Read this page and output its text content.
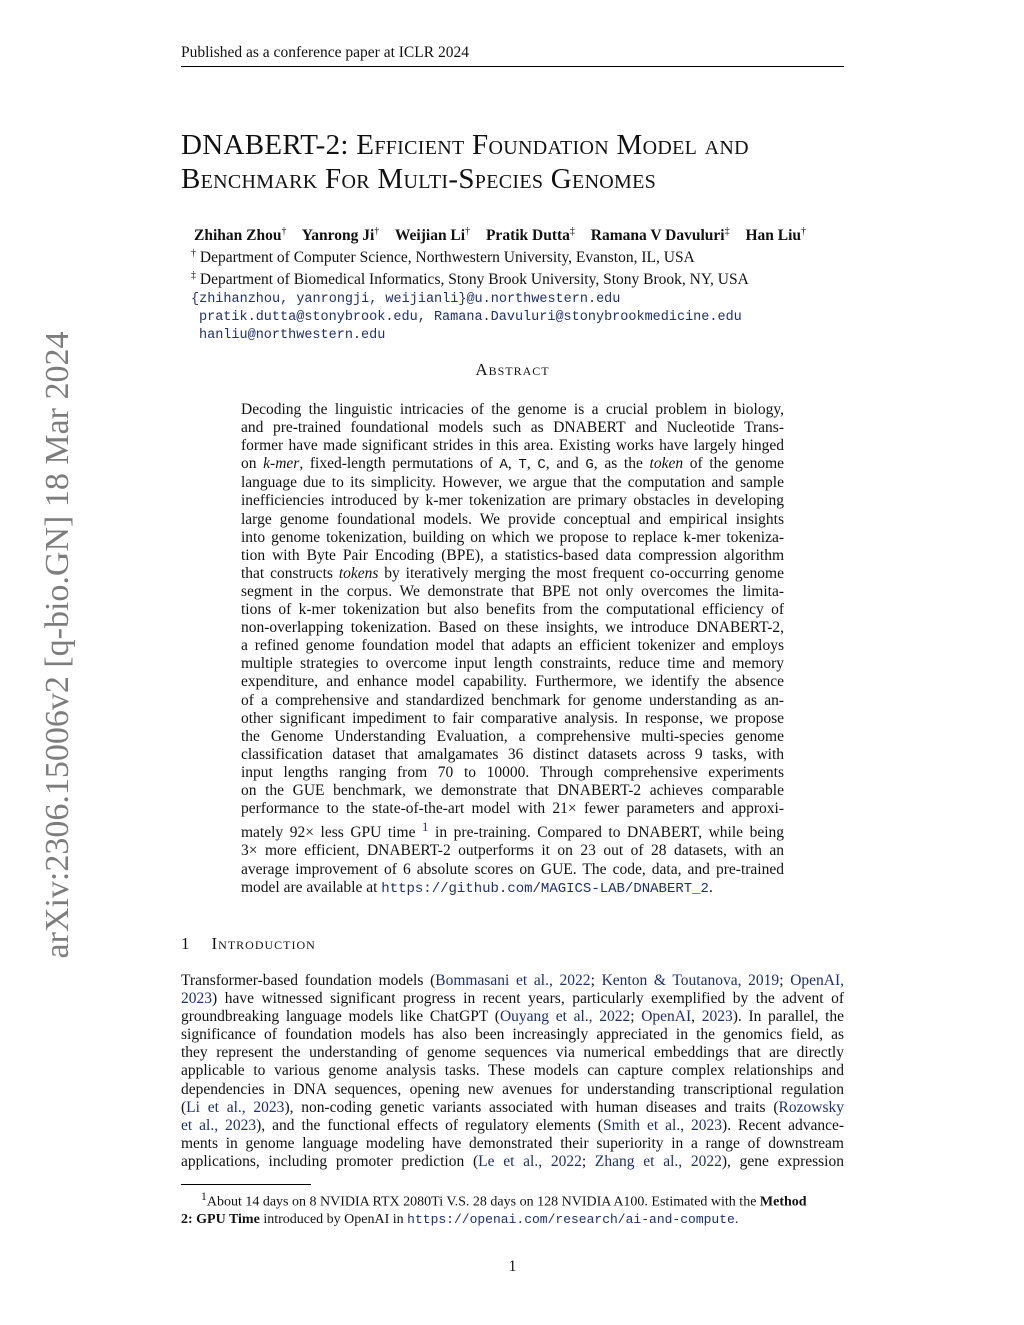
Published as a conference paper at ICLR 2024
arXiv:2306.15006v2 [q-bio.GN] 18 Mar 2024
DNABERT-2: Efficient Foundation Model and
Benchmark For Multi-Species Genomes
Zhihan Zhou† Yanrong Ji† Weijian Li† Pratik Dutta‡ Ramana V Davuluri‡ Han Liu†
† Department of Computer Science, Northwestern University, Evanston, IL, USA
‡ Department of Biomedical Informatics, Stony Brook University, Stony Brook, NY, USA
{zhihanzhou, yanrongji, weijianli}@u.northwestern.edu
pratik.dutta@stonybrook.edu, Ramana.Davuluri@stonybrookmedicine.edu
hanliu@northwestern.edu
Abstract
Decoding the linguistic intricacies of the genome is a crucial problem in biology,
and pre-trained foundational models such as DNABERT and Nucleotide Trans-
former have made significant strides in this area. Existing works have largely hinged
on k-mer, fixed-length permutations of A, T, C, and G, as the token of the genome
language due to its simplicity. However, we argue that the computation and sample
inefficiencies introduced by k-mer tokenization are primary obstacles in developing
large genome foundational models. We provide conceptual and empirical insights
into genome tokenization, building on which we propose to replace k-mer tokeniza-
tion with Byte Pair Encoding (BPE), a statistics-based data compression algorithm
that constructs tokens by iteratively merging the most frequent co-occurring genome
segment in the corpus. We demonstrate that BPE not only overcomes the limita-
tions of k-mer tokenization but also benefits from the computational efficiency of
non-overlapping tokenization. Based on these insights, we introduce DNABERT-2,
a refined genome foundation model that adapts an efficient tokenizer and employs
multiple strategies to overcome input length constraints, reduce time and memory
expenditure, and enhance model capability. Furthermore, we identify the absence
of a comprehensive and standardized benchmark for genome understanding as an-
other significant impediment to fair comparative analysis. In response, we propose
the Genome Understanding Evaluation, a comprehensive multi-species genome
classification dataset that amalgamates 36 distinct datasets across 9 tasks, with
input lengths ranging from 70 to 10000. Through comprehensive experiments
on the GUE benchmark, we demonstrate that DNABERT-2 achieves comparable
performance to the state-of-the-art model with 21× fewer parameters and approxi-
mately 92× less GPU time $^1$ in pre-training. Compared to DNABERT, while being
3× more efficient, DNABERT-2 outperforms it on 23 out of 28 datasets, with an
average improvement of 6 absolute scores on GUE. The code, data, and pre-trained
model are available at https://github.com/MAGICS-LAB/DNABERT_2.
1 Introduction
Transformer-based foundation models (Bommasani et al., 2022; Kenton & Toutanova, 2019; OpenAI,
2023) have witnessed significant progress in recent years, particularly exemplified by the advent of
groundbreaking language models like ChatGPT (Ouyang et al., 2022; OpenAI, 2023). In parallel, the
significance of foundation models has also been increasingly appreciated in the genomics field, as
they represent the understanding of genome sequences via numerical embeddings that are directly
applicable to various genome analysis tasks. These models can capture complex relationships and
dependencies in DNA sequences, opening new avenues for understanding transcriptional regulation
(Li et al., 2023), non-coding genetic variants associated with human diseases and traits (Rozowsky
et al., 2023), and the functional effects of regulatory elements (Smith et al., 2023). Recent advance-
ments in genome language modeling have demonstrated their superiority in a range of downstream
applications, including promoter prediction (Le et al., 2022; Zhang et al., 2022), gene expression
$^1$About 14 days on 8 NVIDIA RTX 2080Ti V.S. 28 days on 128 NVIDIA A100. Estimated with the Method
2: GPU Time introduced by OpenAI in https://openai.com/research/ai-and-compute.
1
